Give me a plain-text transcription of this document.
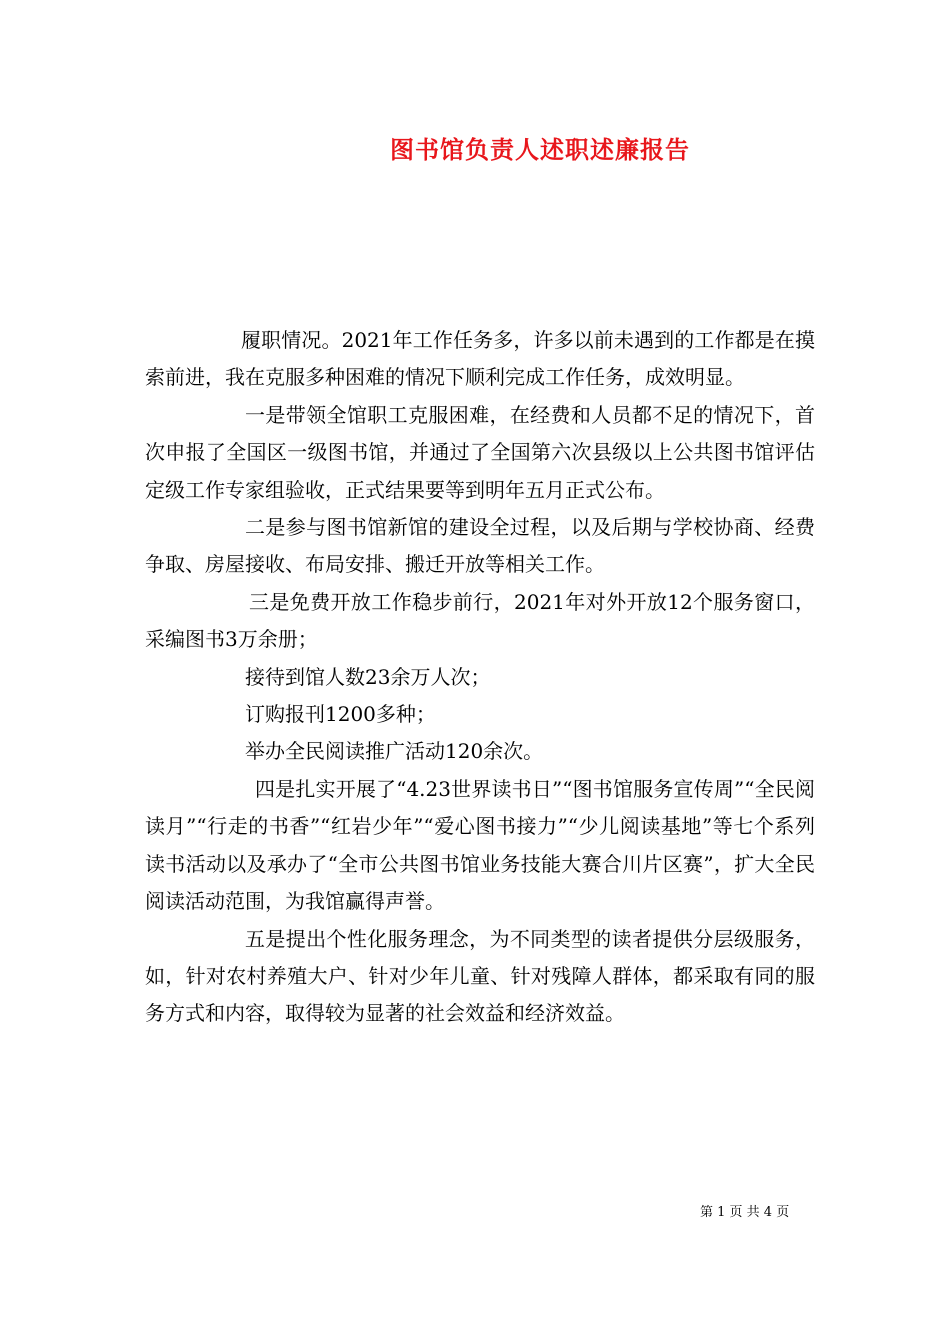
图书馆负责人述职述廉报告

履职情况。2021年工作任务多，许多以前未遇到的工作都是在摸索前进，我在克服多种困难的情况下顺利完成工作任务，成效明显。

一是带领全馆职工克服困难，在经费和人员都不足的情况下，首次申报了全国区一级图书馆，并通过了全国第六次县级以上公共图书馆评估定级工作专家组验收，正式结果要等到明年五月正式公布。

二是参与图书馆新馆的建设全过程，以及后期与学校协商、经费争取、房屋接收、布局安排、搬迁开放等相关工作。

三是免费开放工作稳步前行，2021年对外开放12个服务窗口，采编图书3万余册；

接待到馆人数23余万人次；

订购报刊1200多种；

举办全民阅读推广活动120余次。

四是扎实开展了“4.23世界读书日”“图书馆服务宣传周”“全民阅读月”“行走的书香”“红岩少年”“爱心图书接力”“少儿阅读基地”等七个系列读书活动以及承办了“全市公共图书馆业务技能大赛合川片区赛”，扩大全民阅读活动范围，为我馆赢得声誉。

五是提出个性化服务理念，为不同类型的读者提供分层级服务，如，针对农村养殖大户、针对少年儿童、针对残障人群体，都采取有同的服务方式和内容，取得较为显著的社会效益和经济效益。

第 1 页 共 4 页
